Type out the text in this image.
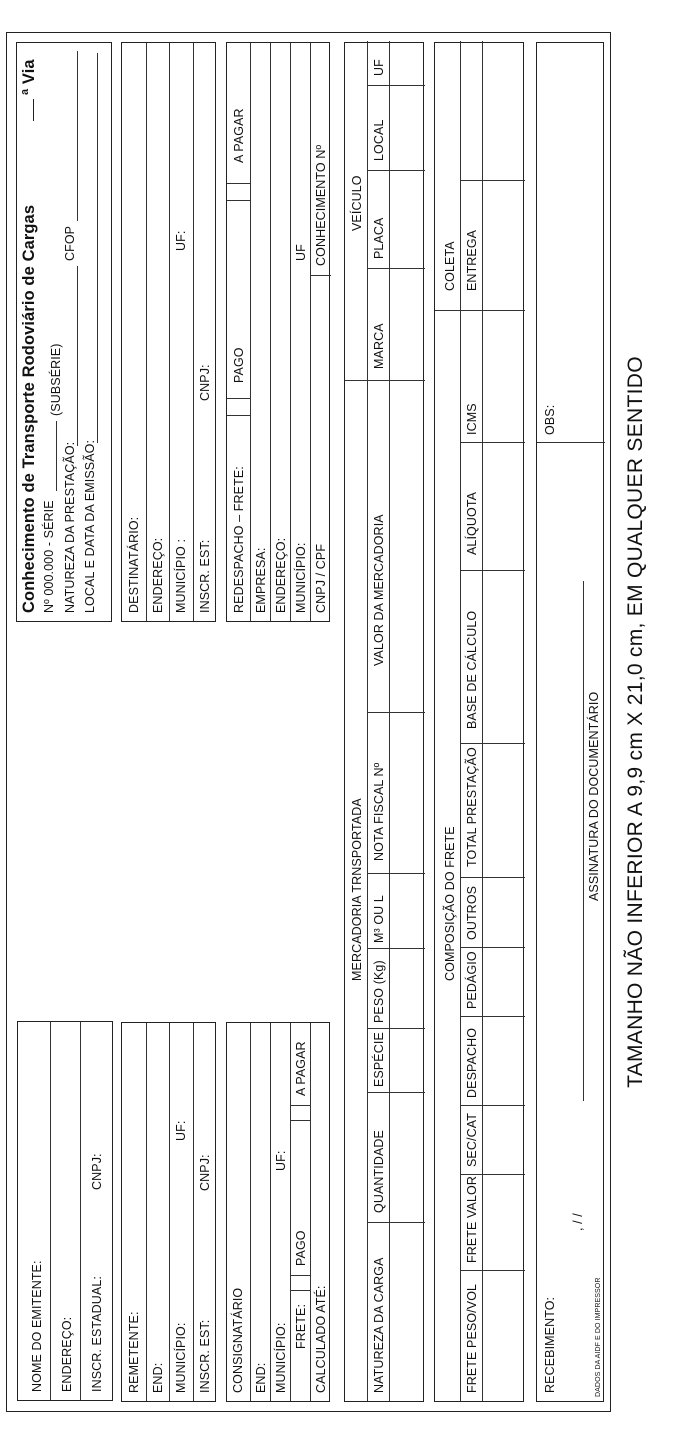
NOME DO EMITENTE: ENDEREÇO: INSCR. ESTADUAL:
CNPJ:
REMETENTE: END: MUNICÍPIO:
UF:
INSCR. EST:
CNPJ:
CONSIGNATÁRIO END: MUNICÍPIO:
UF:
FRETE:
PAGO
A PAGAR
CALCULADO ATÉ:
MERCADORIA TRNSPORTADA
VEÍCULO
NATUREZA DA CARGA
QUANTIDADE
ESPÉCIE
PESO (Kg)
M³ OU L
NOTA FISCAL Nº
VALOR DA MERCADORIA
MARCA
PLACA
LOCAL
UF
COMPOSIÇÃO DO FRETE
COLETA ENTREGA
FRETE PESO/VOL
FRETE VALOR
SEC/CAT
DESPACHO
PEDÁGIO
OUTROS
TOTAL PRESTAÇÃO
BASE DE CÁLCULO
ALÍQUOTA
ICMS
RECEBIMENTO:
, / /
ASSINATURA DO DOCUMENTÁRIO
OBS:
DADOS DA AIDF E DO IMPRESSOR
TAMANHO NÃO INFERIOR A 9,9 cm X 21,0 cm, EM QUALQUER SENTIDO
Conhecimento de Transporte Rodoviário de Cargas
ª Via
Nº 000.000 - SÉRIE
(SUBSÉRIE)
NATUREZA DA PRESTAÇÃO:
CFOP
LOCAL E DATA DA EMISSÃO: DESTINATÁRIO: ENDEREÇO: MUNICÍPIO :
UF:
INSCR. EST:
CNPJ:
REDESPACHO – FRETE:
PAGO
A PAGAR
EMPRESA: ENDEREÇO: MUNICÍPIO:
UF
CNPJ / CPF
CONHECIMENTO Nº
